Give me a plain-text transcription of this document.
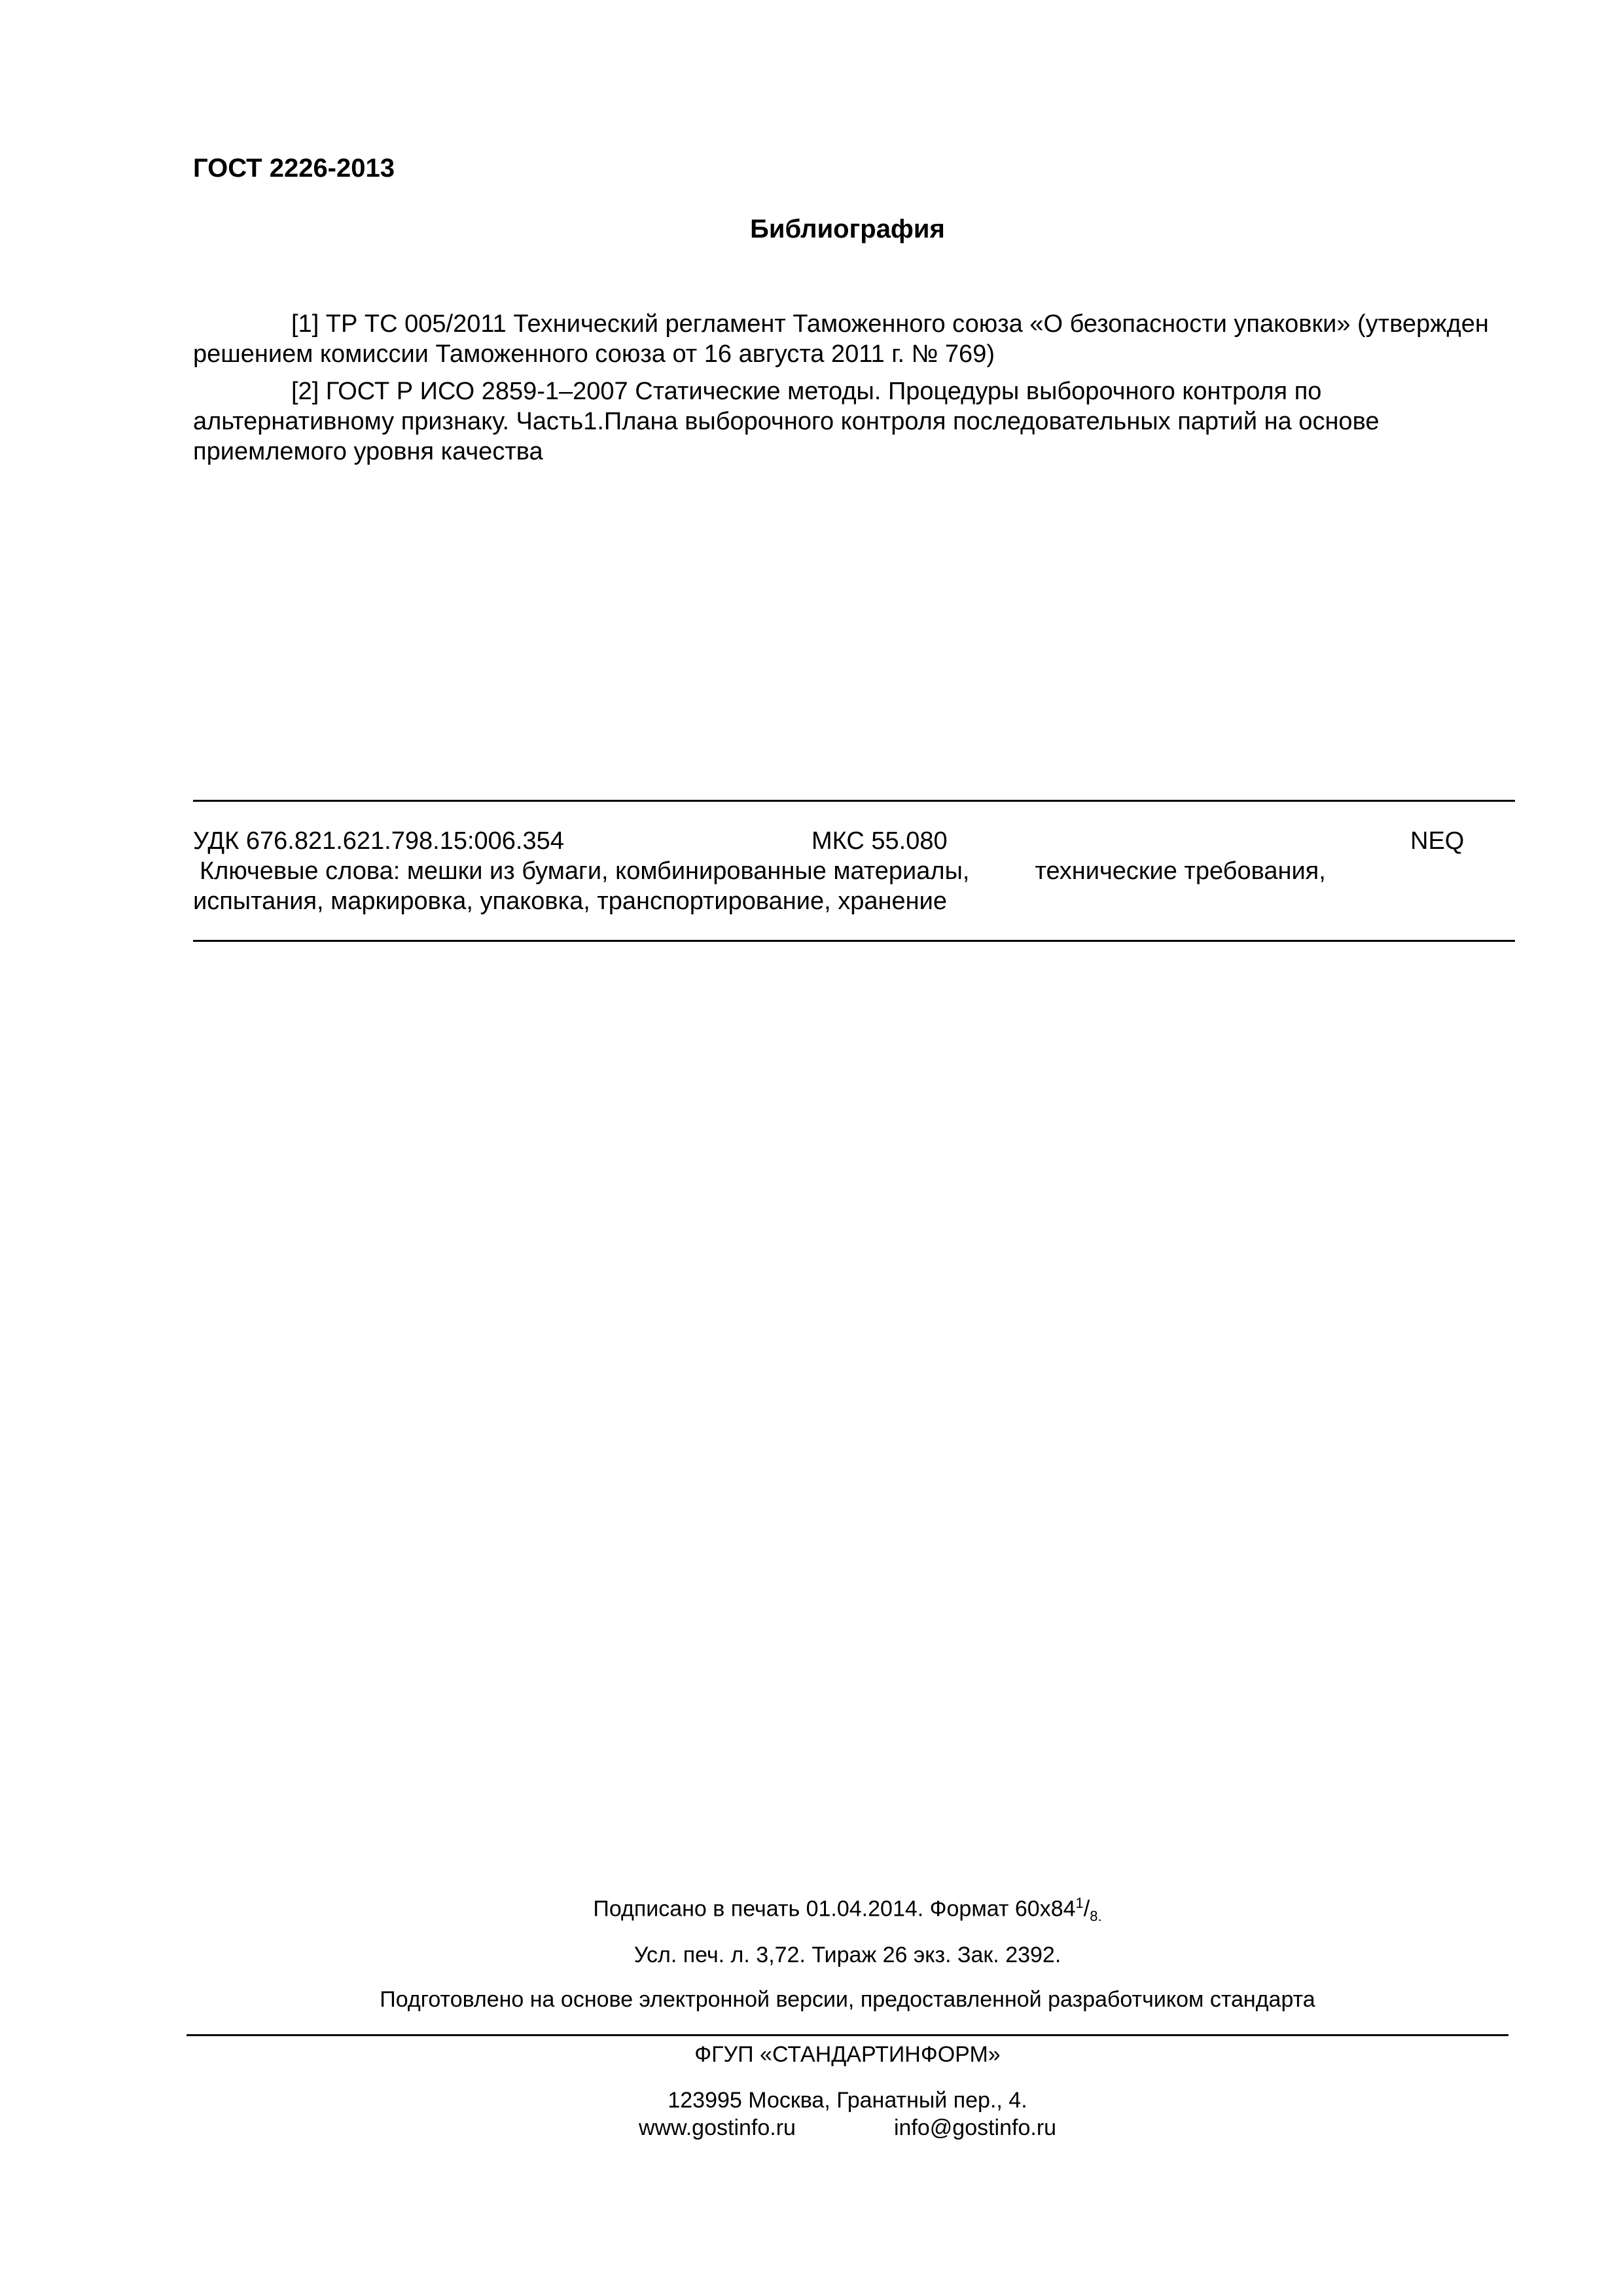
ГОСТ 2226-2013
Библиография

[1] ТР ТС 005/2011 Технический регламент Таможенного союза «О безопасности упаковки» (утвержден решением комиссии Таможенного союза от 16 августа 2011 г. № 769)

[2] ГОСТ Р ИСО 2859-1–2007 Статические методы. Процедуры выборочного контроля по альтернативному признаку. Часть1.Плана выборочного контроля последовательных партий на основе приемлемого уровня качества

УДК 676.821.621.798.15:006.354	МКС 55.080	NEQ
Ключевые слова: мешки из бумаги, комбинированные материалы,	технические требования,
испытания, маркировка, упаковка, транспортирование, хранение
Подписано в печать 01.04.2014. Формат $60x84^1/_{8.}$
Усл. печ. л. 3,72. Тираж 26 экз. Зак. 2392.
Подготовлено на основе электронной версии, предоставленной разработчиком стандарта
ФГУП «СТАНДАРТИНФОРМ»
123995 Москва, Гранатный пер., 4.
www.gostinfo.ru	info@gostinfo.ru
